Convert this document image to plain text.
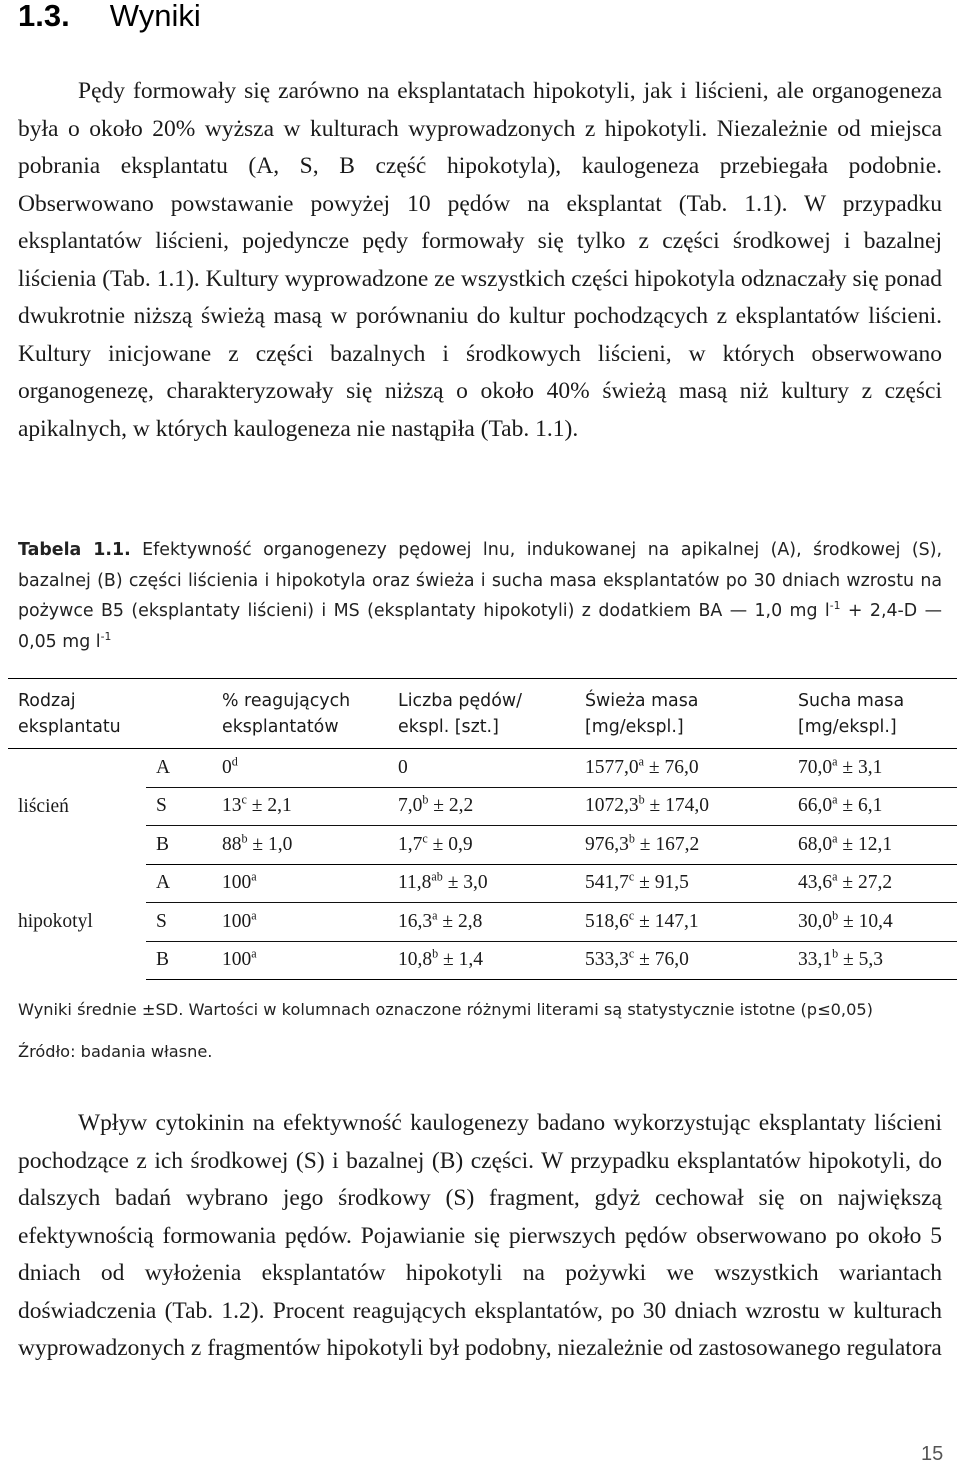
1.3. Wyniki

Pędy formowały się zarówno na eksplantatach hipokotyli, jak i liścieni, ale organogeneza była o około 20% wyższa w kulturach wyprowadzonych z hipokotyli. Niezależnie od miejsca pobrania eksplantatu (A, S, B część hipokotyla), kaulogeneza przebiegała podobnie. Obserwowano powstawanie powyżej 10 pędów na eksplantat (Tab. 1.1). W przypadku eksplantatów liścieni, pojedyncze pędy formowały się tylko z części środkowej i bazalnej liścienia (Tab. 1.1). Kultury wyprowadzone ze wszystkich części hipokotyla odznaczały się ponad dwukrotnie niższą świeżą masą w porównaniu do kultur pochodzących z eksplantatów liścieni. Kultury inicjowane z części bazalnych i środkowych liścieni, w których obserwowano organogenezę, charakteryzowały się niższą o około 40% świeżą masą niż kultury z części apikalnych, w których kaulogeneza nie nastąpiła (Tab. 1.1).

Tabela 1.1. Efektywność organogenezy pędowej lnu, indukowanej na apikalnej (A), środkowej (S), bazalnej (B) części liścienia i hipokotyla oraz świeża i sucha masa eksplantatów po 30 dniach wzrostu na pożywce B5 (eksplantaty liścieni) i MS (eksplantaty hipokotyli) z dodatkiem BA — 1,0 mg $l^{-1} + 2,4-D$ — 0,05 mg $l^{-1}$
Rodzaj eksplantatu		% reagujących eksplantatów	Liczba pędów/ ekspl. [szt.]	Świeża masa [mg/ekspl.]	Sucha masa [mg/ekspl.]
liścień	A	0$^d$	0	1577,0$^a$ ± 76,0	70,0$^a$ ± 3,1
	S	$13^c \pm 2,1$	7,0$^b$ ± 2,2	1072,3$^b$ ± 174,0	66,0$^a$ ± 6,1
	B	$88^b \pm 1,0$	1,7$^c$ ± 0,9	976,3$^b$ ± 167,2	68,0$^a$ ± 12,1
hipokotyl	A	100$^a$	11,8$^{ab}$ ± 3,0	541,7$^c$ ± 91,5	43,6$^a$ ± 27,2
	S	100$^a$	16,3$^a$ ± 2,8	518,6$^c$ ± 147,1	30,0$^b$ ± 10,4
	B	100$^a$	10,8$^b$ ± 1,4	533,3$^c$ ± 76,0	33,1$^b$ ± 5,3

Wyniki średnie ±SD. Wartości w kolumnach oznaczone różnymi literami są statystycznie istotne (p≤0,05)

Źródło: badania własne.

Wpływ cytokinin na efektywność kaulogenezy badano wykorzystując eksplantaty liścieni pochodzące z ich środkowej (S) i bazalnej (B) części. W przypadku eksplantatów hipokotyli, do dalszych badań wybrano jego środkowy (S) fragment, gdyż cechował się on największą efektywnością formowania pędów. Pojawianie się pierwszych pędów obserwowano po około 5 dniach od wyłożenia eksplantatów hipokotyli na pożywki we wszystkich wariantach doświadczenia (Tab. 1.2). Procent reagujących eksplantatów, po 30 dniach wzrostu w kulturach wyprowadzonych z fragmentów hipokotyli był podobny, niezależnie od zastosowanego regulatora

15
